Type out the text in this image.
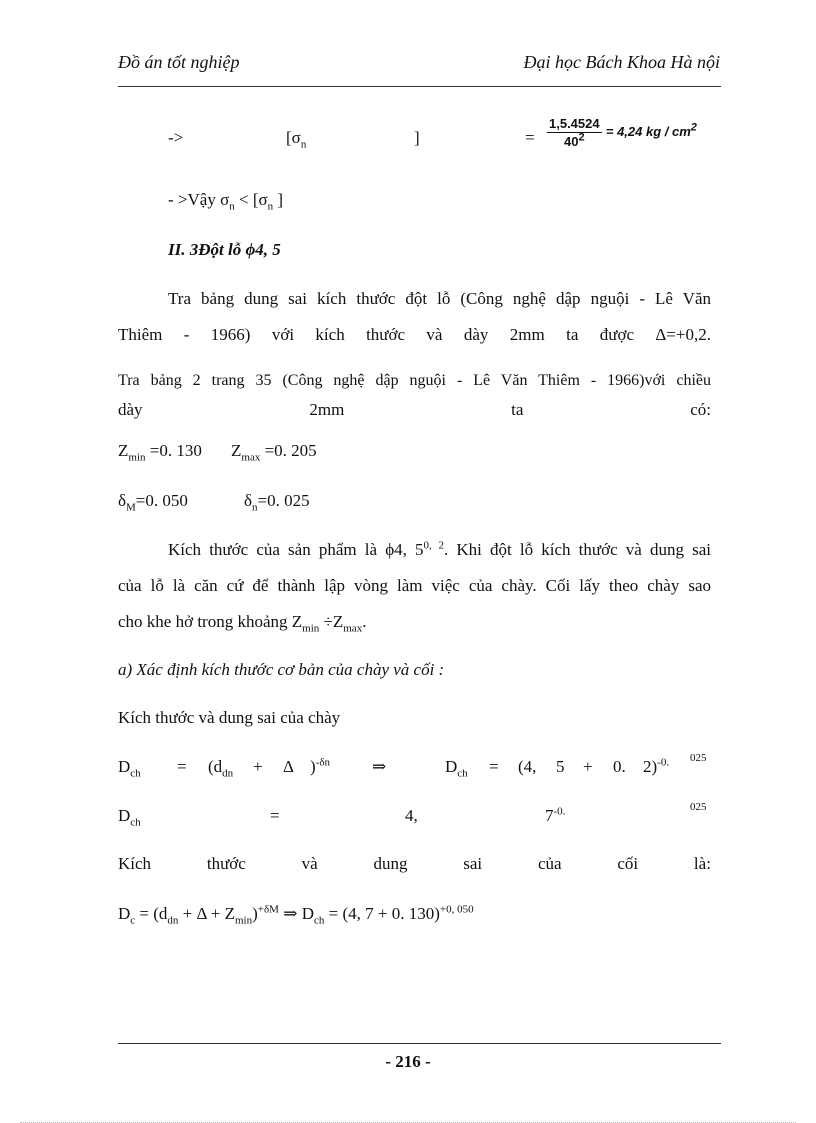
Đồ án tốt nghiệp	Đại học Bách Khoa Hà nội
->	[$\sigma_n$	]	= $\frac{1,5.4524}{40^2} = 4,24$ kg / $cm^2$
- >Vậy $\sigma_n < [\sigma_n$ ]
II. 3Đột lỗ ϕ4, 5
Tra bảng dung sai kích thước đột lỗ (Công nghệ dập nguội - Lê Văn
Thiêm - 1966) với kích thước và dày 2mm ta được Δ=+0,2.
Tra bảng 2 trang 35 (Công nghệ dập nguội - Lê Văn Thiêm - 1966)với chiều
dày	2mm	ta	có:
$Z_{min} =0$. 130 $Z_{max} =0$. 205
$\delta_M=0$. 050	$\delta_n=0$. 025
Kích thước của sản phẩm là ϕ4, 5$^{0, 2}$. Khi đột lỗ kích thước và dung sai
của lỗ là căn cứ để thành lập vòng làm việc của chày. Cối lấy theo chày sao
cho khe hở trong khoảng $Z_{min} \div Z_{max}$.
a) Xác định kích thước cơ bản của chày và cối :
Kích thước và dung sai của chày
$D_{ch} = (d_{dn} + \Delta$ )$^{-\delta n}$ ⇒	$D_{ch} = (4$, 5 + 0. 2)$^{-0.}$ 025
$D_{ch}$	=	4,	$7^{-0.}$	025
Kích	thước	và	dung	sai	của	cối	là:
$D_c = (d_{dn} + \Delta + Z_{min})^{+\delta M}$ ⇒ $D_{ch} = (4$, 7 + 0. 130)$^{+0, 050}$
- 216 -
